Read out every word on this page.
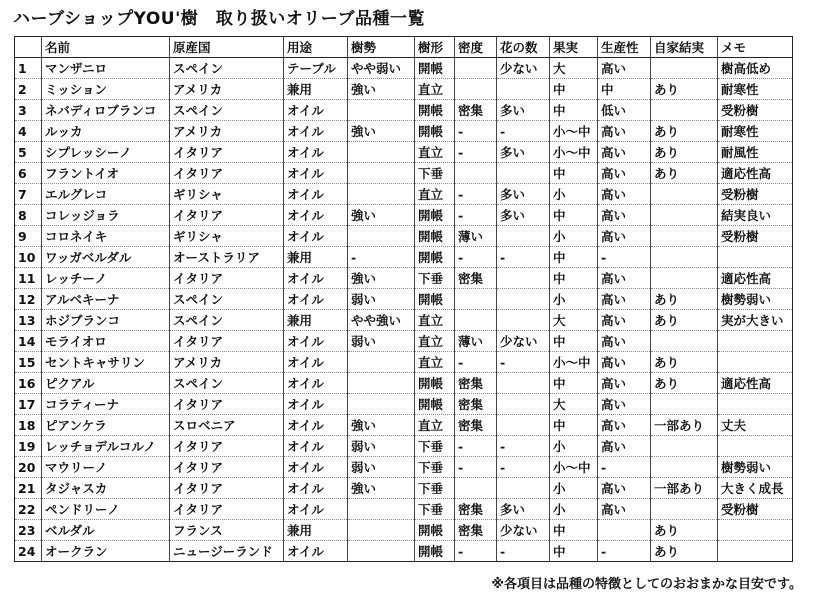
ハーブショップYOU'樹　取り扱いオリーブ品種一覧
	名前	原産国	用途	樹勢	樹形	密度	花の数	果実	生産性	自家結実	メモ
1	マンザニロ	スペイン	テーブル	やや弱い	開帳		少ない	大	高い		樹高低め
2	ミッション	アメリカ	兼用	強い	直立			中	中	あり	耐寒性
3	ネバディロブランコ	スペイン	オイル		開帳	密集	多い	中	低い		受粉樹
4	ルッカ	アメリカ	オイル	強い	開帳	-	-	小～中	高い	あり	耐寒性
5	シプレッシーノ	イタリア	オイル		直立	-	多い	小～中	高い	あり	耐風性
6	フラントイオ	イタリア	オイル		下垂			中	高い	あり	適応性高
7	エルグレコ	ギリシャ	オイル		直立	-	多い	小	高い		受粉樹
8	コレッジョラ	イタリア	オイル	強い	開帳	-	多い	中	高い		結実良い
9	コロネイキ	ギリシャ	オイル		開帳	薄い		小	高い		受粉樹
10	ワッガベルダル	オーストラリア	兼用	-	開帳	-	-	中	-		
11	レッチーノ	イタリア	オイル	強い	下垂	密集		中	高い		適応性高
12	アルベキーナ	スペイン	オイル	弱い	開帳			小	高い	あり	樹勢弱い
13	ホジブランコ	スペイン	兼用	やや強い	直立			大	高い	あり	実が大きい
14	モライオロ	イタリア	オイル	弱い	直立	薄い	少ない	中	高い		
15	セントキャサリン	アメリカ	オイル		直立	-	-	小～中	高い	あり	
16	ピクアル	スペイン	オイル		開帳	密集		中	高い	あり	適応性高
17	コラティーナ	イタリア	オイル		開帳	密集		大	高い		
18	ピアンケラ	スロベニア	オイル	強い	直立	密集		中	高い	一部あり	丈夫
19	レッチョデルコルノ	イタリア	オイル	弱い	下垂	-	-	小	高い		
20	マウリーノ	イタリア	オイル	弱い	下垂	-	-	小～中	-		樹勢弱い
21	タジャスカ	イタリア	オイル	強い	下垂			小	高い	一部あり	大きく成長
22	ペンドリーノ	イタリア	オイル		下垂	密集	多い	小	高い		受粉樹
23	ベルダル	フランス	兼用		開帳	密集	少ない	中		あり	
24	オークラン	ニュージーランド	オイル		開帳	-	-	中	-	あり	
※各項目は品種の特徴としてのおおまかな目安です。
